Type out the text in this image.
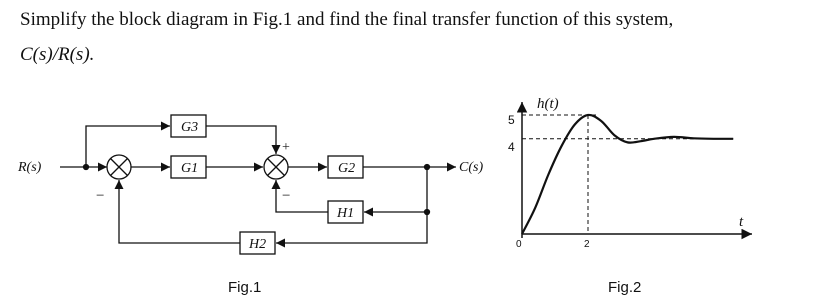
Simplify the block diagram in Fig.1 and find the final transfer function of this system,
C(s)/R(s).
R(s)
−
G3
G1
+
−
G2	C(s)
H1
H2
Fig.1
h(t)
t
5
4
0	2
Fig.2
